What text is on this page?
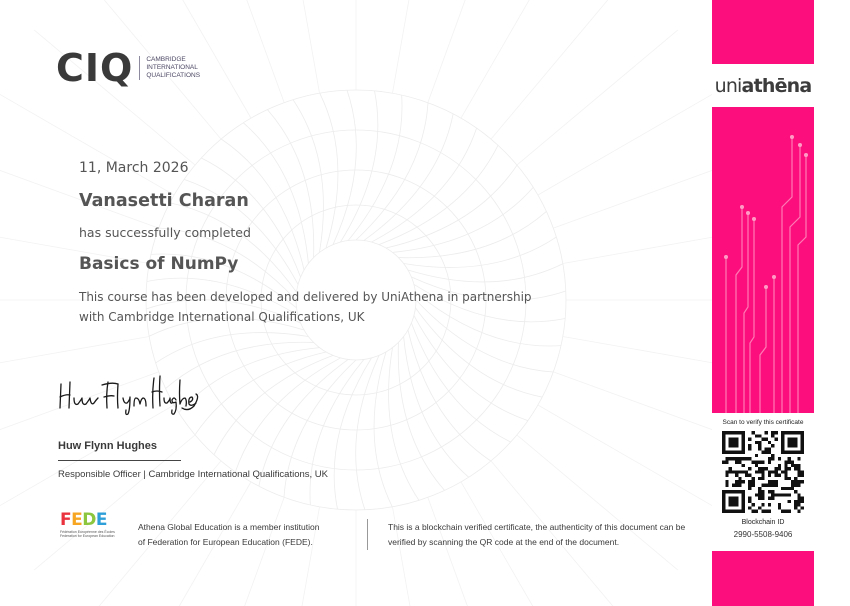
CIQ CAMBRIDGE
INTERNATIONAL
QUALIFICATIONS
11, March 2026
Vanasetti Charan
has successfully completed
Basics of NumPy
This course has been developed and delivered by UniAthena in partnership
with Cambridge International Qualifications, UK
Huw Flynn Hughes
Responsible Officer | Cambridge International Qualifications, UK
FEDE
Fédération Européenne des Écoles
Federation for European Education
Athena Global Education is a member institution
of Federation for European Education (FEDE).
This is a blockchain verified certificate, the authenticity of this document can be
verified by scanning the QR code at the end of the document.
uniathēna
Scan to verify this certificate
Blockchain ID
2990-5508-9406
